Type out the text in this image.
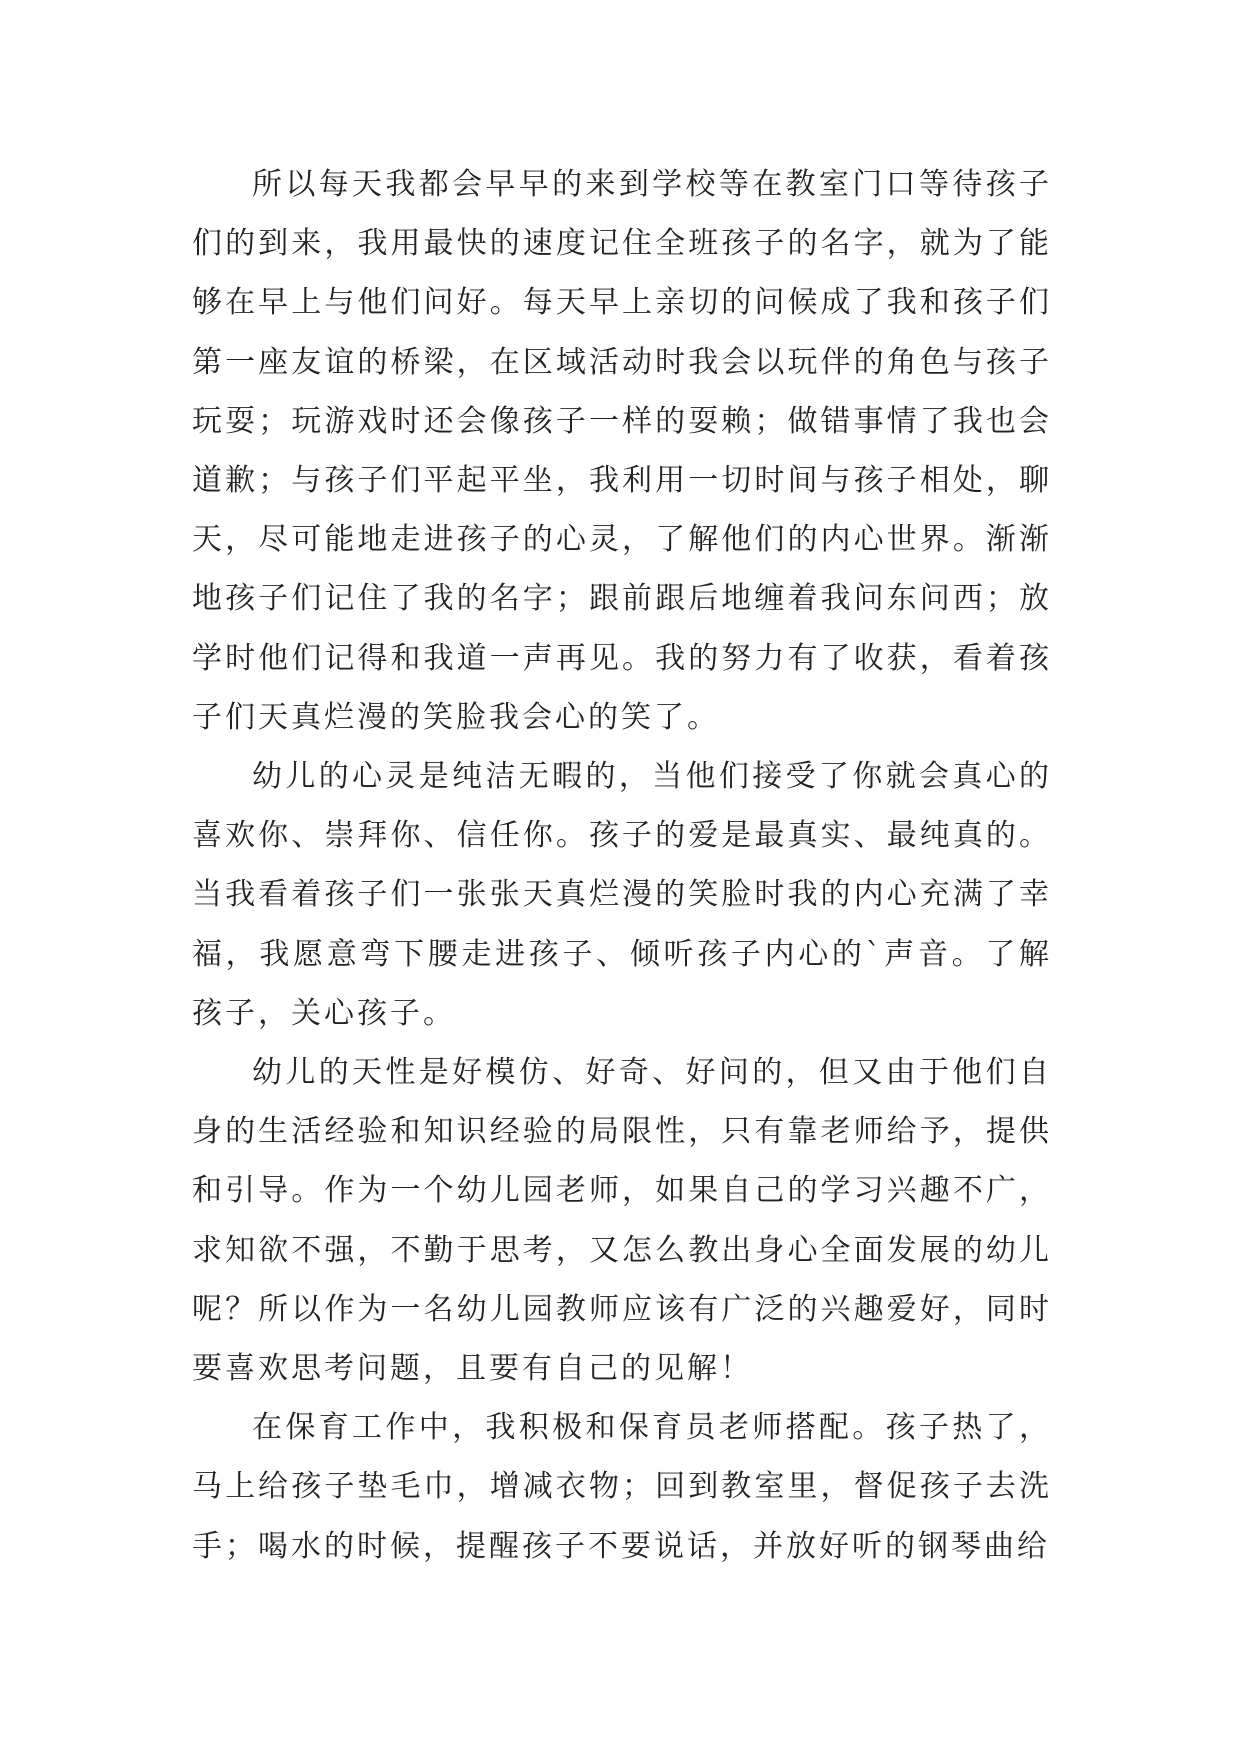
所以每天我都会早早的来到学校等在教室门口等待孩子们的到来，我用最快的速度记住全班孩子的名字，就为了能够在早上与他们问好。每天早上亲切的问候成了我和孩子们第一座友谊的桥梁，在区域活动时我会以玩伴的角色与孩子玩耍；玩游戏时还会像孩子一样的耍赖；做错事情了我也会道歉；与孩子们平起平坐，我利用一切时间与孩子相处，聊天，尽可能地走进孩子的心灵，了解他们的内心世界。渐渐地孩子们记住了我的名字；跟前跟后地缠着我问东问西；放学时他们记得和我道一声再见。我的努力有了收获，看着孩子们天真烂漫的笑脸我会心的笑了。

幼儿的心灵是纯洁无暇的，当他们接受了你就会真心的喜欢你、崇拜你、信任你。孩子的爱是最真实、最纯真的。当我看着孩子们一张张天真烂漫的笑脸时我的内心充满了幸福，我愿意弯下腰走进孩子、倾听孩子内心的`声音。了解孩子，关心孩子。

幼儿的天性是好模仿、好奇、好问的，但又由于他们自身的生活经验和知识经验的局限性，只有靠老师给予，提供和引导。作为一个幼儿园老师，如果自己的学习兴趣不广，求知欲不强，不勤于思考，又怎么教出身心全面发展的幼儿呢？所以作为一名幼儿园教师应该有广泛的兴趣爱好，同时要喜欢思考问题，且要有自己的见解！

在保育工作中，我积极和保育员老师搭配。孩子热了，马上给孩子垫毛巾，增减衣物；回到教室里，督促孩子去洗手；喝水的时候，提醒孩子不要说话，并放好听的钢琴曲给
